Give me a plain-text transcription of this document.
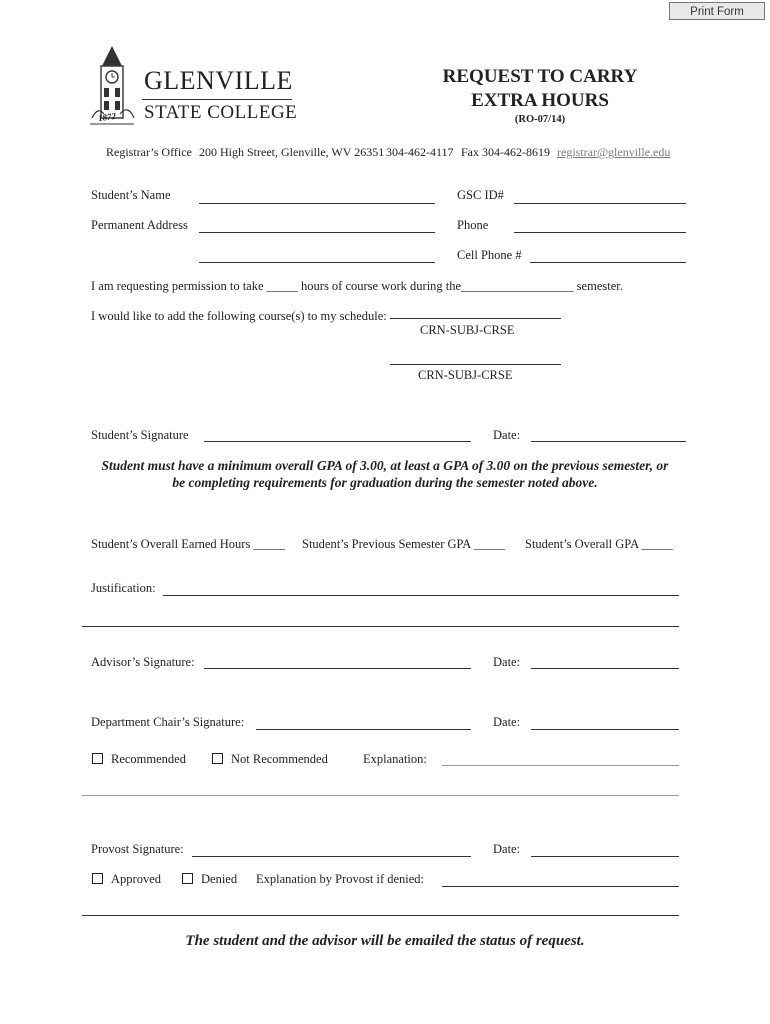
Print Form
1872
GLENVILLE
STATE COLLEGE
REQUEST TO CARRY
EXTRA HOURS
(RO-07/14)
Registrar’s Office 200 High Street, Glenville, WV 26351 304-462-4117 Fax 304-462-8619 registrar@glenville.edu
Student’s Name	GSC ID#
Permanent Address	Phone
Cell Phone #
I am requesting permission to take _____ hours of course work during the__________________ semester.
I would like to add the following course(s) to my schedule:
CRN-SUBJ-CRSE
CRN-SUBJ-CRSE
Student’s Signature	Date:
Student must have a minimum overall GPA of 3.00, at least a GPA of 3.00 on the previous semester, or
be completing requirements for graduation during the semester noted above.
Student’s Overall Earned Hours _____ Student’s Previous Semester GPA _____ Student’s Overall GPA _____
Justification:
Advisor’s Signature:	Date:
Department Chair’s Signature:	Date:
Recommended	Not Recommended	Explanation:
Provost Signature:	Date:
Approved	Denied Explanation by Provost if denied:
The student and the advisor will be emailed the status of request.
